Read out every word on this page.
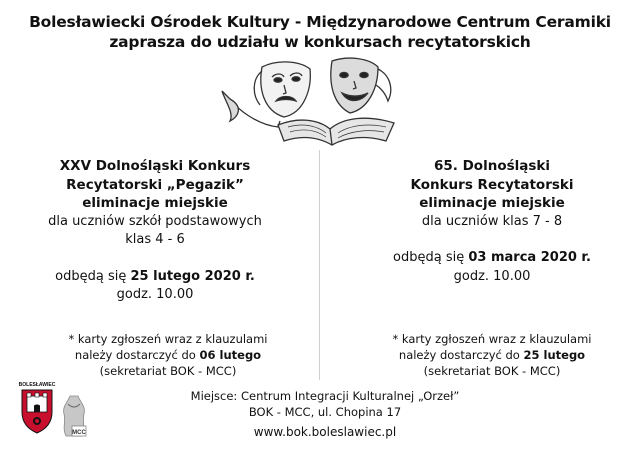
Bolesławiecki Ośrodek Kultury - Międzynarodowe Centrum Ceramiki
zaprasza do udziału w konkursach recytatorskich
XXV Dolnośląski Konkurs
Recytatorski „Pegazik”
eliminacje miejskie
dla uczniów szkół podstawowych
klas 4 - 6
odbędą się 25 lutego 2020 r.
godz. 10.00
* karty zgłoszeń wraz z klauzulami
należy dostarczyć do 06 lutego
(sekretariat BOK - MCC)
65. Dolnośląski
Konkurs Recytatorski
eliminacje miejskie
dla uczniów klas 7 - 8
odbędą się 03 marca 2020 r.
godz. 10.00
* karty zgłoszeń wraz z klauzulami
należy dostarczyć do 25 lutego
(sekretariat BOK - MCC)
BOLESŁAWIEC
MCC
Miejsce: Centrum Integracji Kulturalnej „Orzeł”
BOK - MCC, ul. Chopina 17
www.bok.boleslawiec.pl
